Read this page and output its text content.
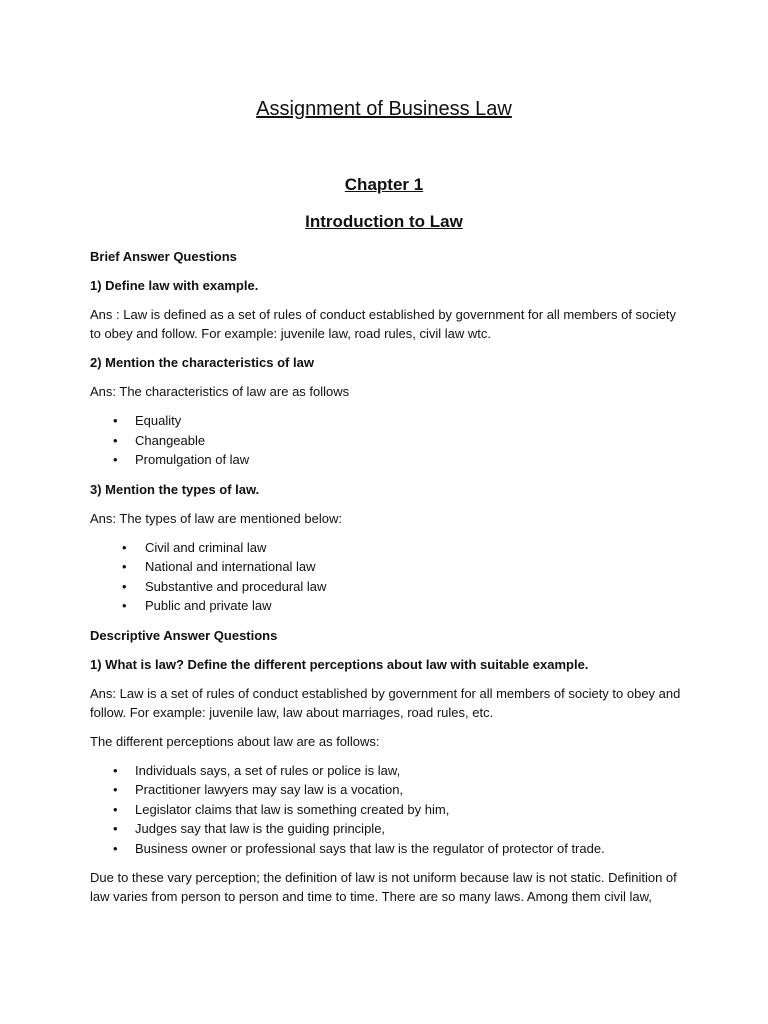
Assignment of Business Law
Chapter 1
Introduction to Law
Brief Answer Questions
1) Define law with example.
Ans : Law is defined as a set of rules of conduct established by government for all members of society to obey and follow. For example: juvenile law, road rules, civil law wtc.
2) Mention the characteristics of law
Ans: The characteristics of law are as follows
• Equality
• Changeable
• Promulgation of law
3) Mention the types of law.
Ans: The types of law are mentioned below:
• Civil and criminal law
• National and international law
• Substantive and procedural law
• Public and private law
Descriptive Answer Questions
1) What is law? Define the different perceptions about law with suitable example.
Ans: Law is a set of rules of conduct established by government for all members of society to obey and follow. For example: juvenile law, law about marriages, road rules, etc.
The different perceptions about law are as follows:
• Individuals says, a set of rules or police is law,
• Practitioner lawyers may say law is a vocation,
• Legislator claims that law is something created by him,
• Judges say that law is the guiding principle,
• Business owner or professional says that law is the regulator of protector of trade.
Due to these vary perception; the definition of law is not uniform because law is not static. Definition of law varies from person to person and time to time. There are so many laws. Among them civil law,
